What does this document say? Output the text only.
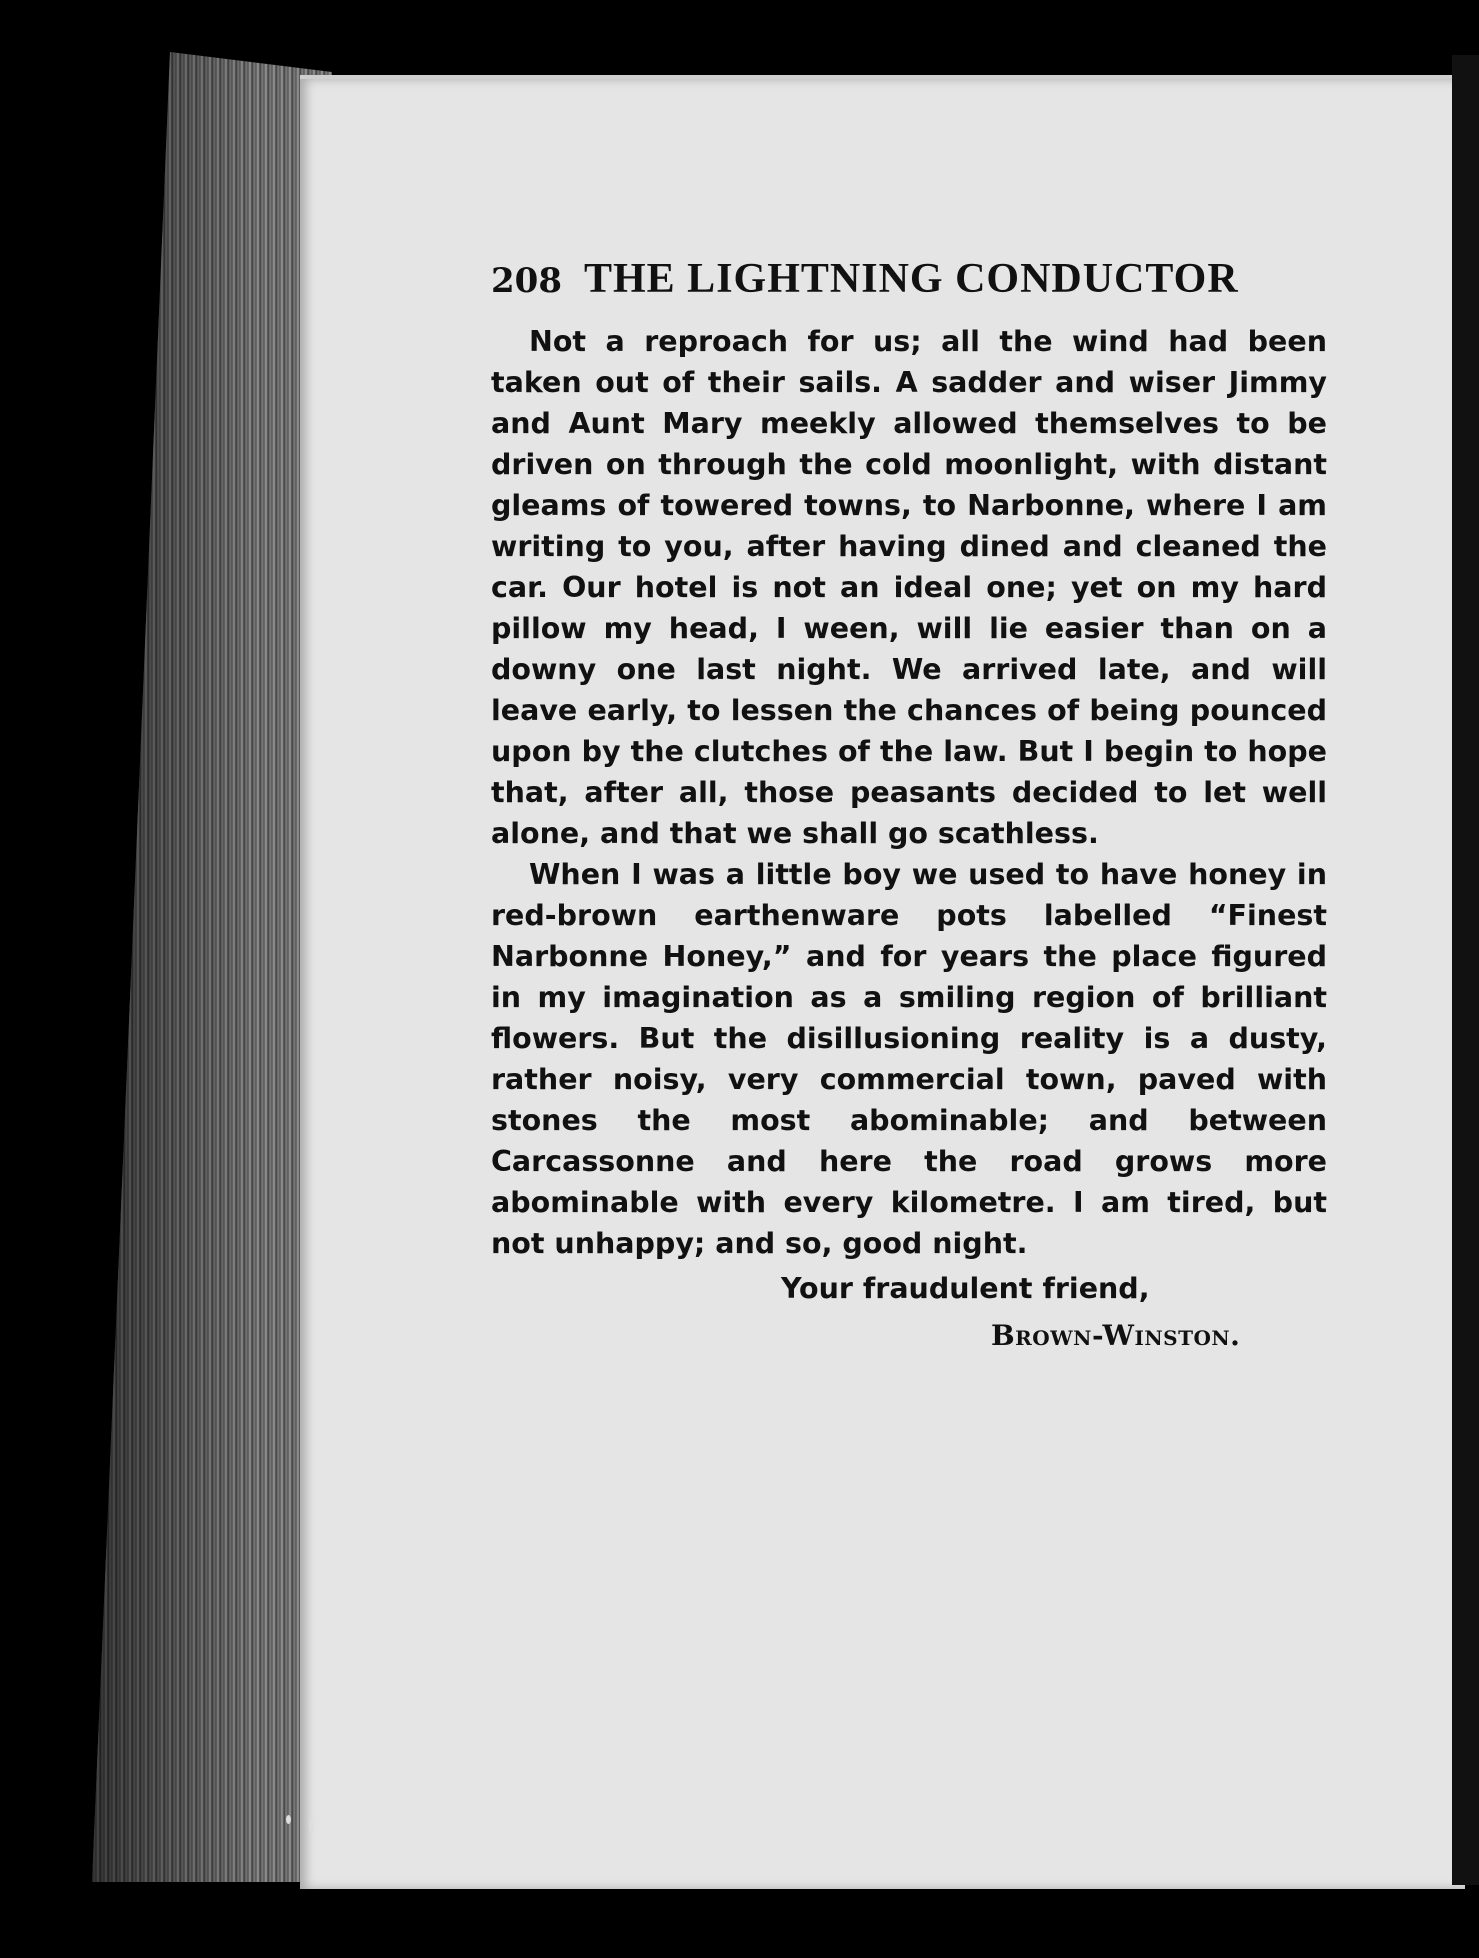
208 THE LIGHTNING CONDUCTOR

Not a reproach for us; all the wind had been taken out of their sails. A sadder and wiser Jimmy and Aunt Mary meekly allowed themselves to be driven on through the cold moonlight, with distant gleams of towered towns, to Narbonne, where I am writing to you, after having dined and cleaned the car. Our hotel is not an ideal one; yet on my hard pillow my head, I ween, will lie easier than on a downy one last night. We arrived late, and will leave early, to lessen the chances of being pounced upon by the clutches of the law. But I begin to hope that, after all, those peasants decided to let well alone, and that we shall go scathless.

When I was a little boy we used to have honey in red-brown earthenware pots labelled “Finest Narbonne Honey,” and for years the place figured in my imagination as a smiling region of brilliant flowers. But the disillusioning reality is a dusty, rather noisy, very commercial town, paved with stones the most abominable; and between Carcassonne and here the road grows more abominable with every kilometre. I am tired, but not unhappy; and so, good night.

Your fraudulent friend,
Brown-Winston.
